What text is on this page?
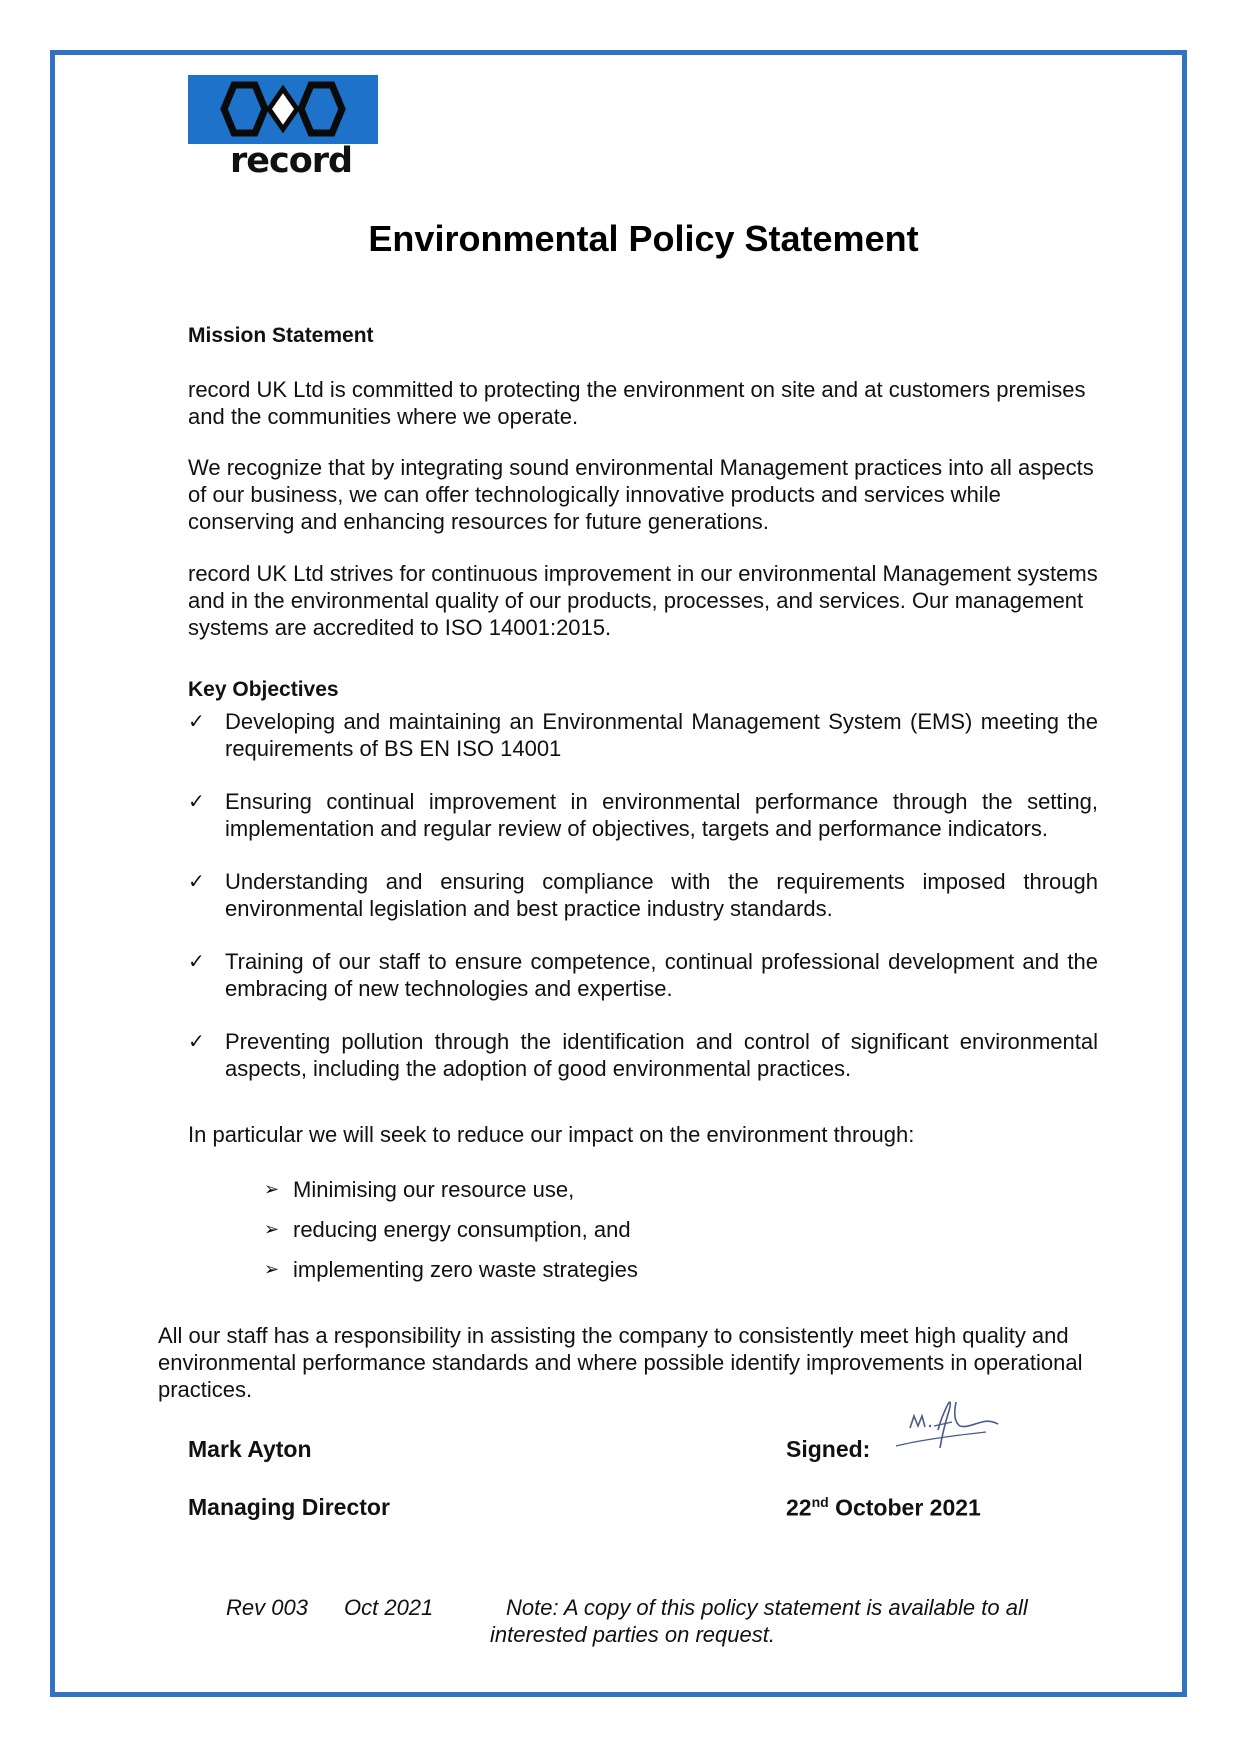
record
Environmental Policy Statement
Mission Statement
record UK Ltd is committed to protecting the environment on site and at customers premises and the communities where we operate.
We recognize that by integrating sound environmental Management practices into all aspects of our business, we can offer technologically innovative products and services while conserving and enhancing resources for future generations.
record UK Ltd strives for continuous improvement in our environmental Management systems and in the environmental quality of our products, processes, and services. Our management systems are accredited to ISO 14001:2015.
Key Objectives
✓ Developing and maintaining an Environmental Management System (EMS) meeting the requirements of BS EN ISO 14001
✓ Ensuring continual improvement in environmental performance through the setting, implementation and regular review of objectives, targets and performance indicators.
✓ Understanding and ensuring compliance with the requirements imposed through environmental legislation and best practice industry standards.
✓ Training of our staff to ensure competence, continual professional development and the embracing of new technologies and expertise.
✓ Preventing pollution through the identification and control of significant environmental aspects, including the adoption of good environmental practices.
In particular we will seek to reduce our impact on the environment through:
➢ Minimising our resource use,
➢ reducing energy consumption, and
➢ implementing zero waste strategies
All our staff has a responsibility in assisting the company to consistently meet high quality and environmental performance standards and where possible identify improvements in operational practices.
Mark Ayton
Managing Director
Signed:
22nd October 2021
Rev 003 Oct 2021	Note: A copy of this policy statement is available to all
interested parties on request.
